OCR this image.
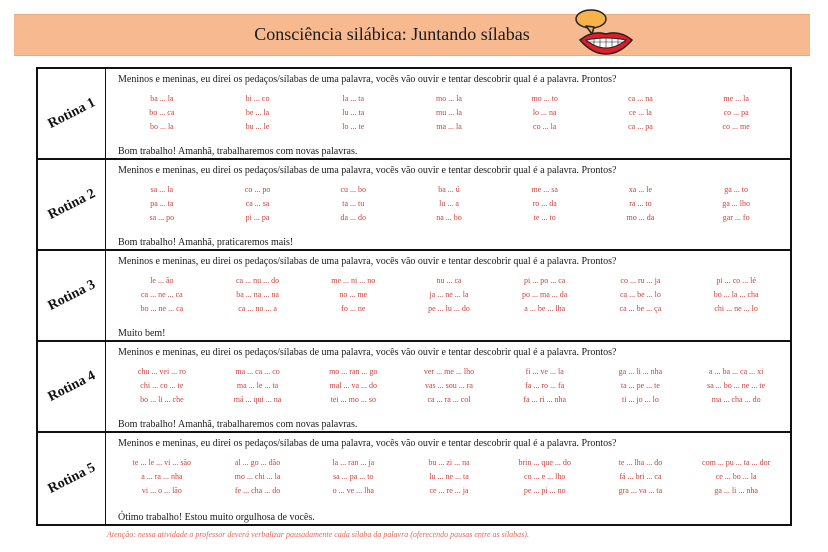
Consciência silábica: Juntando sílabas
Rotina 1
Meninos e meninas, eu direi os pedaços/sílabas de uma palavra, vocês vão ouvir e tentar descobrir qual é a palavra. Prontos?
ba ... la	bi ... co	la ... ta	mo ... la	mo ... to	ca ... na	me ... la
bo ... ca	be ... la	lu ... ta	mu ... la	lo ... na	ce ... la	co ... pa
bo ... la	bu ... le	lo ... te	ma ... la	co ... la	ca ... pa	co ... me
Bom trabalho! Amanhã, trabalharemos com novas palavras.
Rotina 2
Meninos e meninas, eu direi os pedaços/sílabas de uma palavra, vocês vão ouvir e tentar descobrir qual é a palavra. Prontos?
sa ... la	co ... po	cu ... bo	ba ... ú	me ... sa	xa ... le	ga ... to
pa ... ta	ca ... sa	ta ... tu	lu ... a	ro ... da	ra ... to	ga ... lho
sa ... po	pi ... pa	da ... do	na ... bo	te ... to	mo ... da	gar ... fo
Bom trabalho! Amanhã, praticaremos mais!
Rotina 3
Meninos e meninas, eu direi os pedaços/sílabas de uma palavra, vocês vão ouvir e tentar descobrir qual é a palavra. Prontos?
le ... ão	ca ... nu ... do	me ... ni ... no	nu ... ca	pi ... po ... ca	co ... ru ... ja	pi ... co ... lé
ca ... ne ... ca	ba ... na ... na	no ... me	ja ... ne ... la	po ... ma ... da	ca ... be ... lo	bo ... la ... cha
bo ... ne ... ca	ca ... no ... a	fo ... ne	pe ... lu ... do	a ... be ... lha	ca ... be ... ça	chi ... ne ... lo
Muito bem!
Rotina 4
Meninos e meninas, eu direi os pedaços/sílabas de uma palavra, vocês vão ouvir e tentar descobrir qual é a palavra. Prontos?
chu ... vei ... ro	ma ... ca ... co	mo ... ran ... go	ver ... me ... lho	fi ... ve ... la	ga ... li ... nha	a ... ba ... ca ... xi
chi ... co ... te	ma ... le ... ta	mal ... va ... do	vas ... sou ... ra	fa ... ro ... fa	ta ... pe ... te	sa ... bo ... ne ... te
bo ... li ... che	má ... qui ... na	tei ... mo ... so	ca ... ra ... col	fa ... ri ... nha	ti ... jo ... lo	ma ... cha ... do
Bom trabalho! Amanhã, trabalharemos com novas palavras.
Rotina 5
Meninos e meninas, eu direi os pedaços/sílabas de uma palavra, vocês vão ouvir e tentar descobrir qual é a palavra. Prontos?
te ... le ... vi ... são	al ... go ... dão	la ... ran ... ja	bu ... zi ... na	brin ... que ... do	te ... lha ... do	com ... pu ... ta ... dor
a ... ra ... nha	mo ... chi ... la	sa ... pa ... to	lu ... ne ... ta	co ... e ... lho	fá ... bri ... ca	ce ... bo ... la
vi ... o ... lão	fe ... cha ... do	o ... ve ... lha	ce ... re ... ja	pe ... pi ... no	gra ... va ... ta	ga ... li ... nha
Ótimo trabalho! Estou muito orgulhosa de vocês.
Atenção: nessa atividade o professor deverá verbalizar pausadamente cada sílaba da palavra (oferecendo pausas entre as sílabas).
